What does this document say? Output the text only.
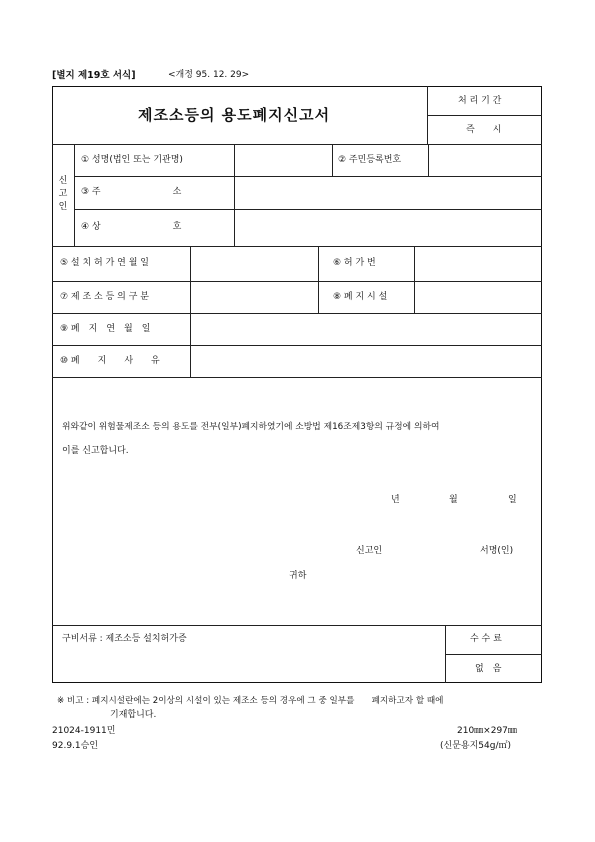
[별지 제19호 서식]	<개정 95. 12. 29>
제조소등의 용도폐지신고서
처 리 기 간
즉　　시
신
고
인
① 성명(법인 또는 기관명)	② 주민등록번호
③ 주　　　　　　　　소
④ 상　　　　　　　　호
⑤ 설 치 허 가 연 월 일	⑥ 허 가 번
⑦ 제 조 소 등 의 구 분	⑧ 폐 지 시 설
⑨ 폐　지　연　월　일
⑩ 폐　　지　　사　　유
위와같이 위험물제조소 등의 용도를 전부(일부)폐지하였기에 소방법 제16조제3항의 규정에 의하여
이를 신고합니다.
년	월	일
신고인	서명(인)
귀하
구비서류 : 제조소등 설치허가증	수 수 료
없　음
※ 비고 : 폐지시설란에는 2이상의 시설이 있는 제조소 등의 경우에 그 중 일부를　　폐지하고자 할 때에
기재합니다.
21024-1911민
92.9.1승인
210㎜×297㎜
(신문용지54g/㎡)
